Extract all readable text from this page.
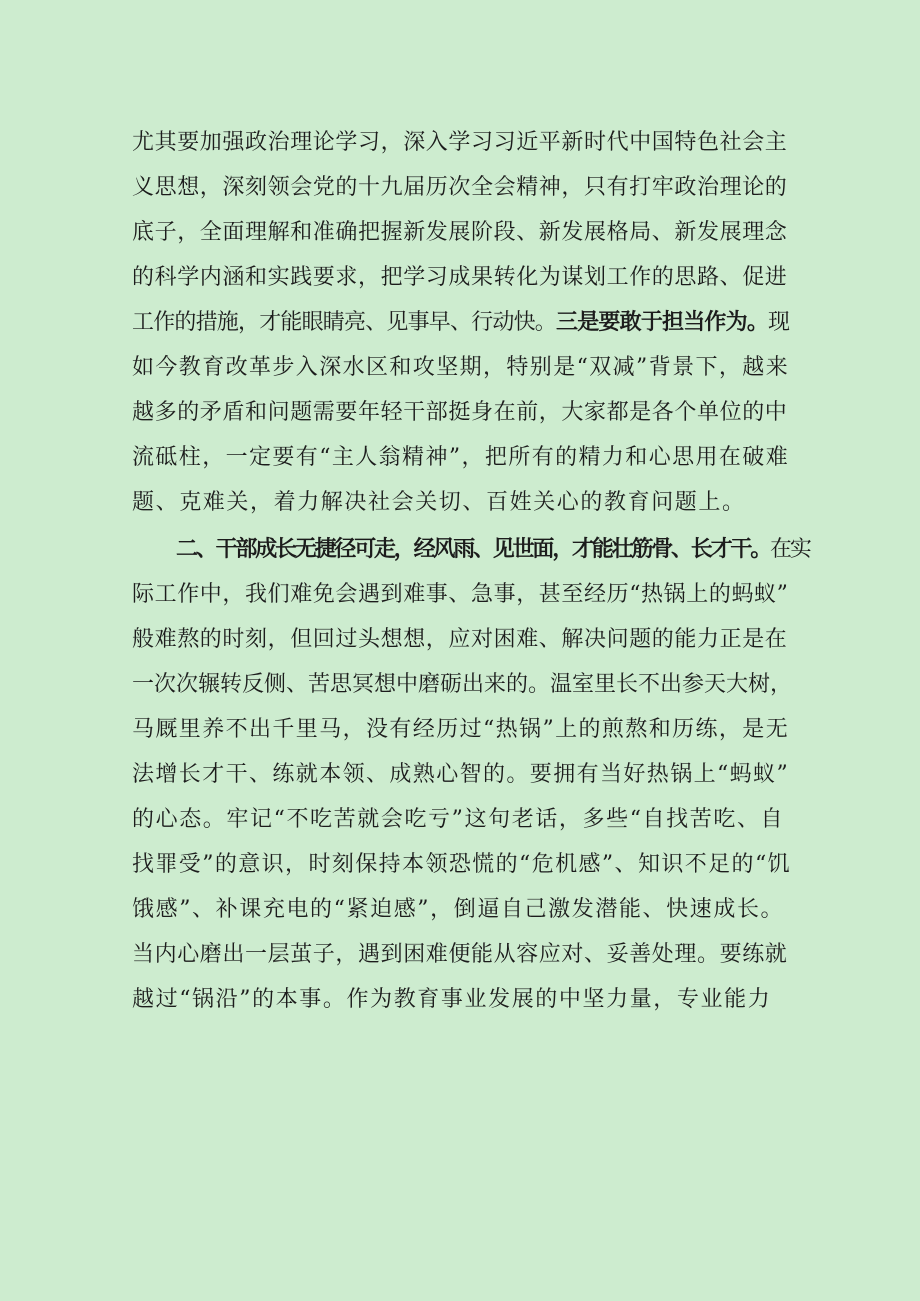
尤其要加强政治理论学习，深入学习习近平新时代中国特色社会主
义思想，深刻领会党的十九届历次全会精神，只有打牢政治理论的
底子，全面理解和准确把握新发展阶段、新发展格局、新发展理念
的科学内涵和实践要求，把学习成果转化为谋划工作的思路、促进
工作的措施，才能眼睛亮、见事早、行动快。三是要敢于担当作为。现
如今教育改革步入深水区和攻坚期，特别是“双减”背景下，越来
越多的矛盾和问题需要年轻干部挺身在前，大家都是各个单位的中
流砥柱，一定要有“主人翁精神”，把所有的精力和心思用在破难
题、克难关，着力解决社会关切、百姓关心的教育问题上。
二、干部成长无捷径可走，经风雨、见世面，才能壮筋骨、长才干。在实
际工作中，我们难免会遇到难事、急事，甚至经历“热锅上的蚂蚁”
般难熬的时刻，但回过头想想，应对困难、解决问题的能力正是在
一次次辗转反侧、苦思冥想中磨砺出来的。温室里长不出参天大树，
马厩里养不出千里马，没有经历过“热锅”上的煎熬和历练，是无
法增长才干、练就本领、成熟心智的。要拥有当好热锅上“蚂蚁”
的心态。牢记“不吃苦就会吃亏”这句老话，多些“自找苦吃、自
找罪受”的意识，时刻保持本领恐慌的“危机感”、知识不足的“饥
饿感”、补课充电的“紧迫感”，倒逼自己激发潜能、快速成长。
当内心磨出一层茧子，遇到困难便能从容应对、妥善处理。要练就
越过“锅沿”的本事。作为教育事业发展的中坚力量，专业能力
